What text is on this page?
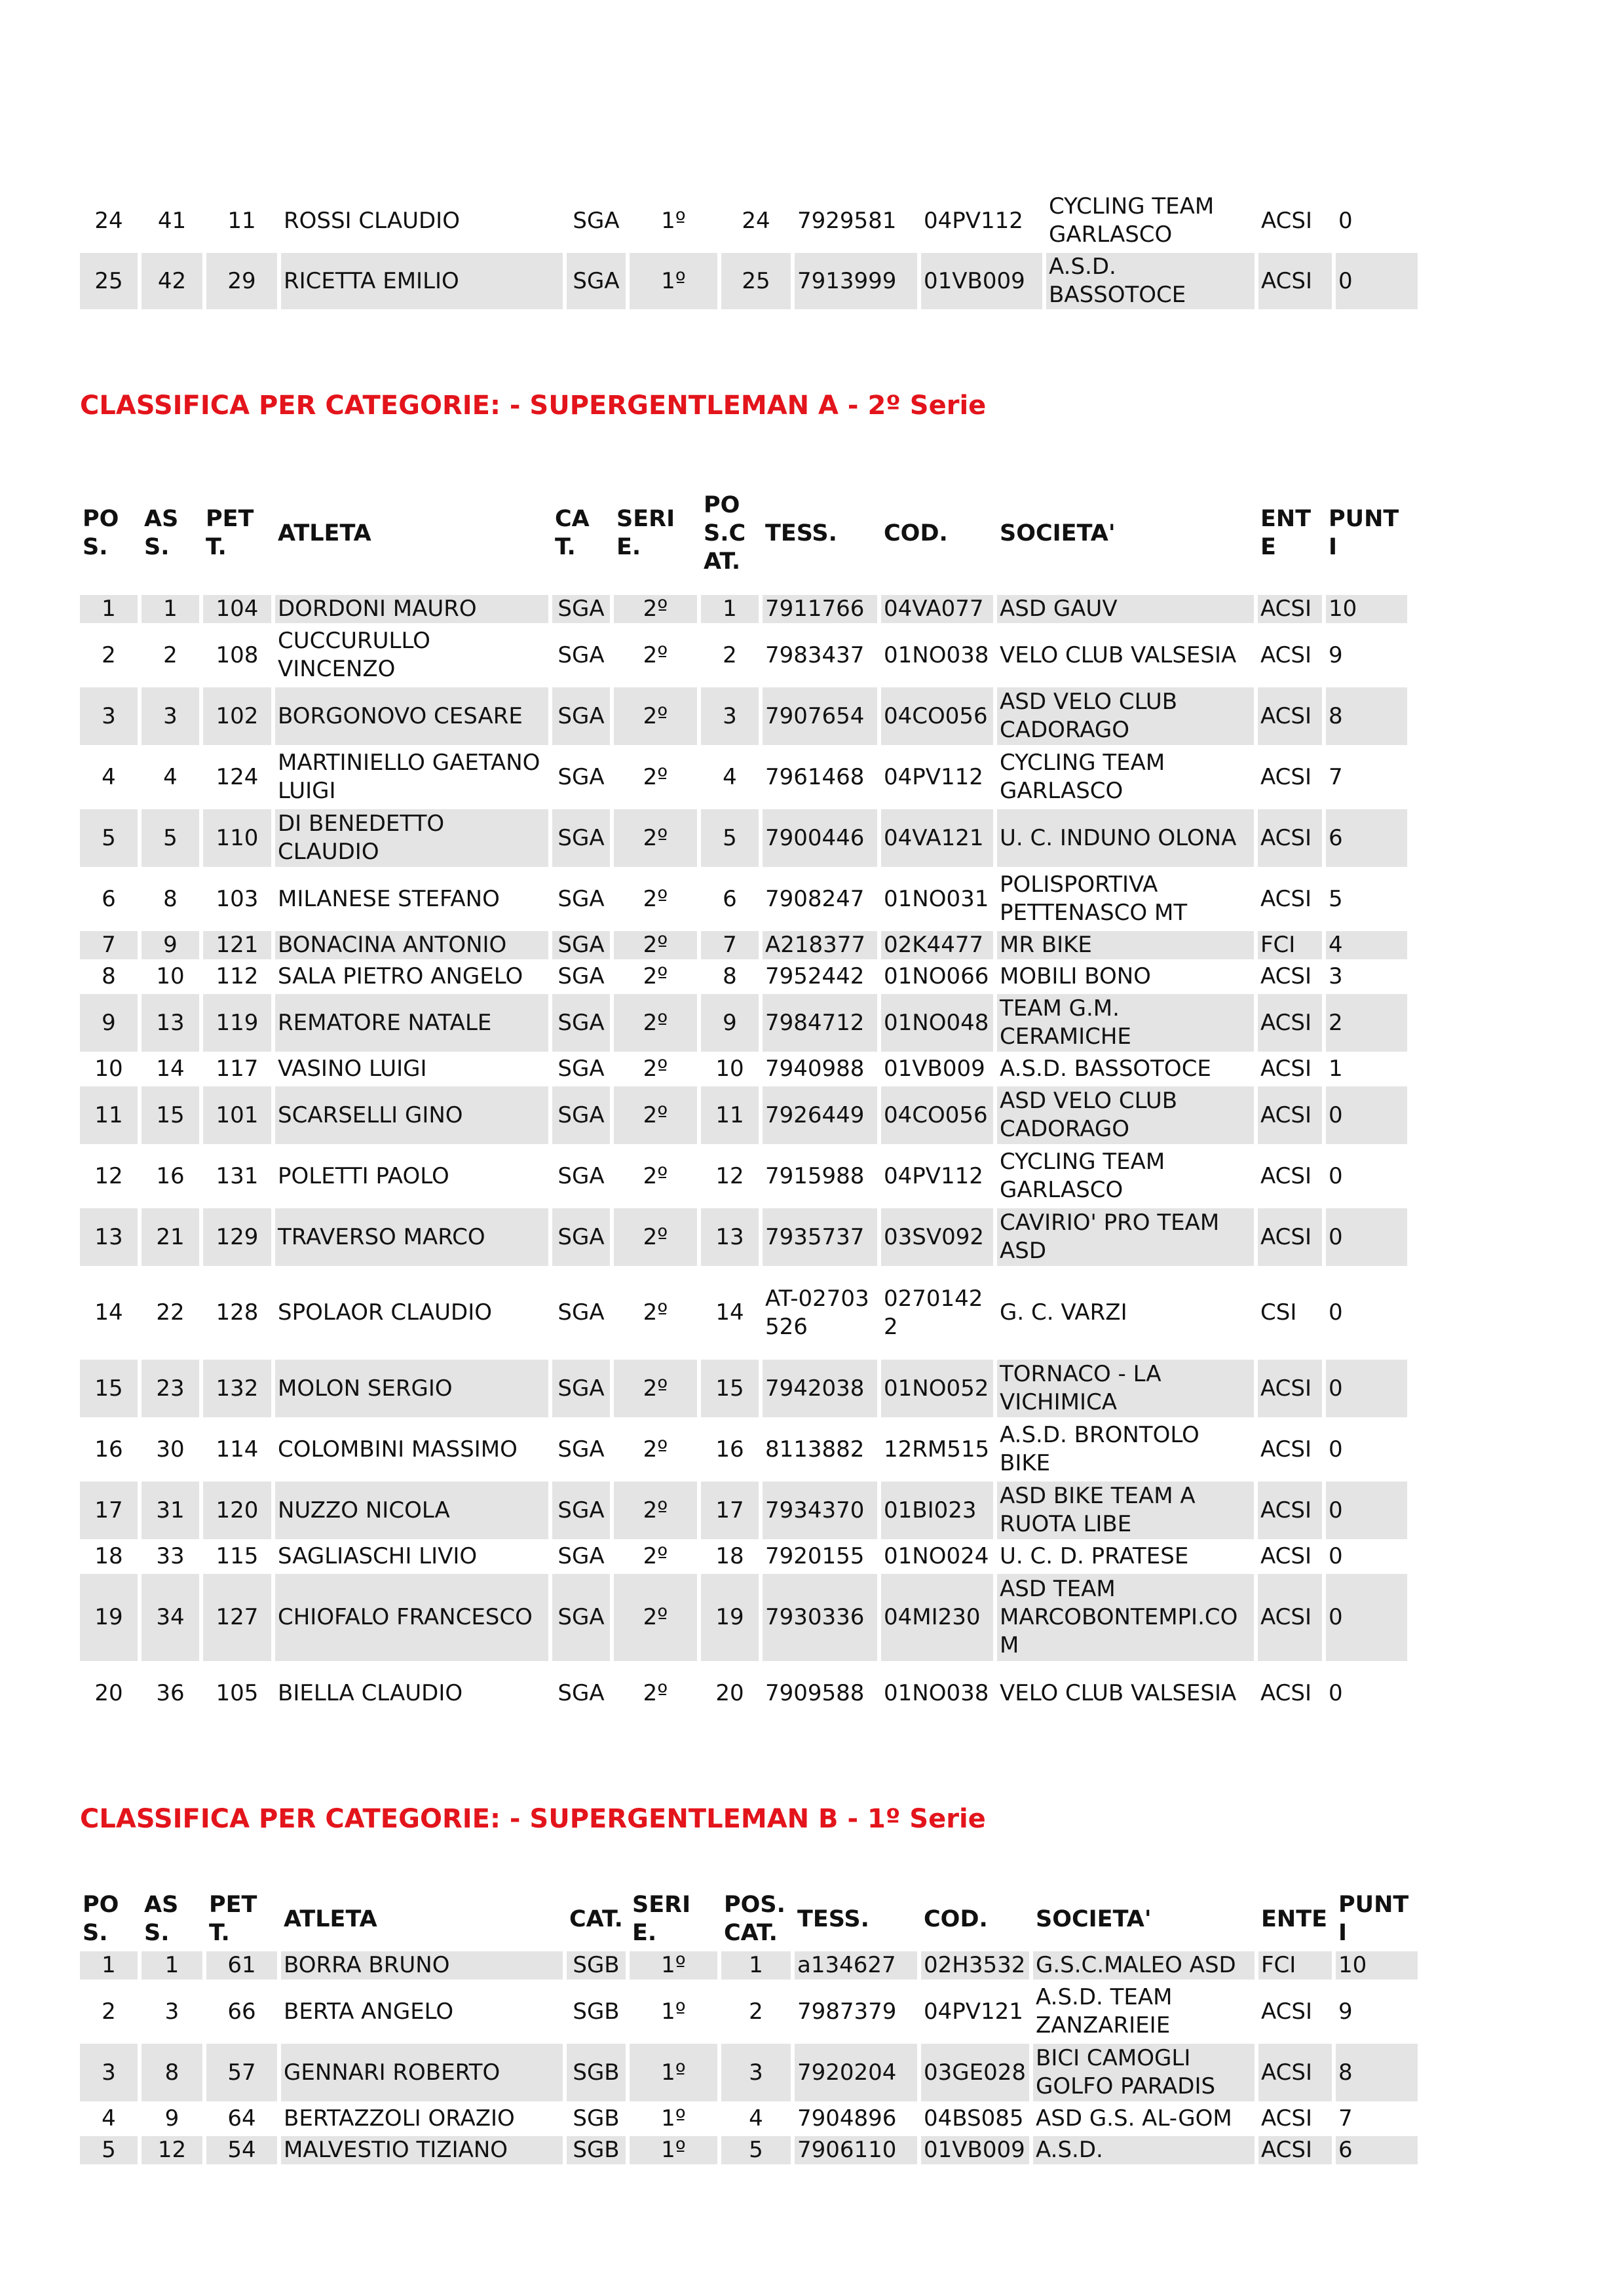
24	41	11	ROSSI CLAUDIO	SGA	1º	24	7929581	04PV112	CYCLING TEAM GARLASCO	ACSI	0
25	42	29	RICETTA EMILIO	SGA	1º	25	7913999	01VB009	A.S.D. BASSOTOCE	ACSI	0
CLASSIFICA PER CATEGORIE: - SUPERGENTLEMAN A - 2º Serie
POS.	ASS.	PETT.	ATLETA	CAT.	SERIE.	POS.CAT.	TESS.	COD.	SOCIETA'	ENTE	PUNTI
1	1	104	DORDONI MAURO	SGA	2º	1	7911766	04VA077	ASD GAUV	ACSI	10
2	2	108	CUCCURULLO VINCENZO	SGA	2º	2	7983437	01NO038	VELO CLUB VALSESIA	ACSI	9
3	3	102	BORGONOVO CESARE	SGA	2º	3	7907654	04CO056	ASD VELO CLUB CADORAGO	ACSI	8
4	4	124	MARTINIELLO GAETANO LUIGI	SGA	2º	4	7961468	04PV112	CYCLING TEAM GARLASCO	ACSI	7
5	5	110	DI BENEDETTO CLAUDIO	SGA	2º	5	7900446	04VA121	U. C. INDUNO OLONA	ACSI	6
6	8	103	MILANESE STEFANO	SGA	2º	6	7908247	01NO031	POLISPORTIVA PETTENASCO MT	ACSI	5
7	9	121	BONACINA ANTONIO	SGA	2º	7	A218377	02K4477	MR BIKE	FCI	4
8	10	112	SALA PIETRO ANGELO	SGA	2º	8	7952442	01NO066	MOBILI BONO	ACSI	3
9	13	119	REMATORE NATALE	SGA	2º	9	7984712	01NO048	TEAM G.M. CERAMICHE	ACSI	2
10	14	117	VASINO LUIGI	SGA	2º	10	7940988	01VB009	A.S.D. BASSOTOCE	ACSI	1
11	15	101	SCARSELLI GINO	SGA	2º	11	7926449	04CO056	ASD VELO CLUB CADORAGO	ACSI	0
12	16	131	POLETTI PAOLO	SGA	2º	12	7915988	04PV112	CYCLING TEAM GARLASCO	ACSI	0
13	21	129	TRAVERSO MARCO	SGA	2º	13	7935737	03SV092	CAVIRIO' PRO TEAM ASD	ACSI	0
14	22	128	SPOLAOR CLAUDIO	SGA	2º	14	AT-02703526	02701422	G. C. VARZI	CSI	0
15	23	132	MOLON SERGIO	SGA	2º	15	7942038	01NO052	TORNACO - LA VICHIMICA	ACSI	0
16	30	114	COLOMBINI MASSIMO	SGA	2º	16	8113882	12RM515	A.S.D. BRONTOLO BIKE	ACSI	0
17	31	120	NUZZO NICOLA	SGA	2º	17	7934370	01BI023	ASD BIKE TEAM A RUOTA LIBE	ACSI	0
18	33	115	SAGLIASCHI LIVIO	SGA	2º	18	7920155	01NO024	U. C. D. PRATESE	ACSI	0
19	34	127	CHIOFALO FRANCESCO	SGA	2º	19	7930336	04MI230	ASD TEAM MARCOBONTEMPI.COM	ACSI	0
20	36	105	BIELLA CLAUDIO	SGA	2º	20	7909588	01NO038	VELO CLUB VALSESIA	ACSI	0
CLASSIFICA PER CATEGORIE: - SUPERGENTLEMAN B - 1º Serie
POS.	ASS.	PETT.	ATLETA	CAT.	SERIE.	POS. CAT.	TESS.	COD.	SOCIETA'	ENTE	PUNTI
1	1	61	BORRA BRUNO	SGB	1º	1	a134627	02H3532	G.S.C.MALEO ASD	FCI	10
2	3	66	BERTA ANGELO	SGB	1º	2	7987379	04PV121	A.S.D. TEAM ZANZARIEIE	ACSI	9
3	8	57	GENNARI ROBERTO	SGB	1º	3	7920204	03GE028	BICI CAMOGLI GOLFO PARADIS	ACSI	8
4	9	64	BERTAZZOLI ORAZIO	SGB	1º	4	7904896	04BS085	ASD G.S. AL-GOM	ACSI	7
5	12	54	MALVESTIO TIZIANO	SGB	1º	5	7906110	01VB009	A.S.D.	ACSI	6
